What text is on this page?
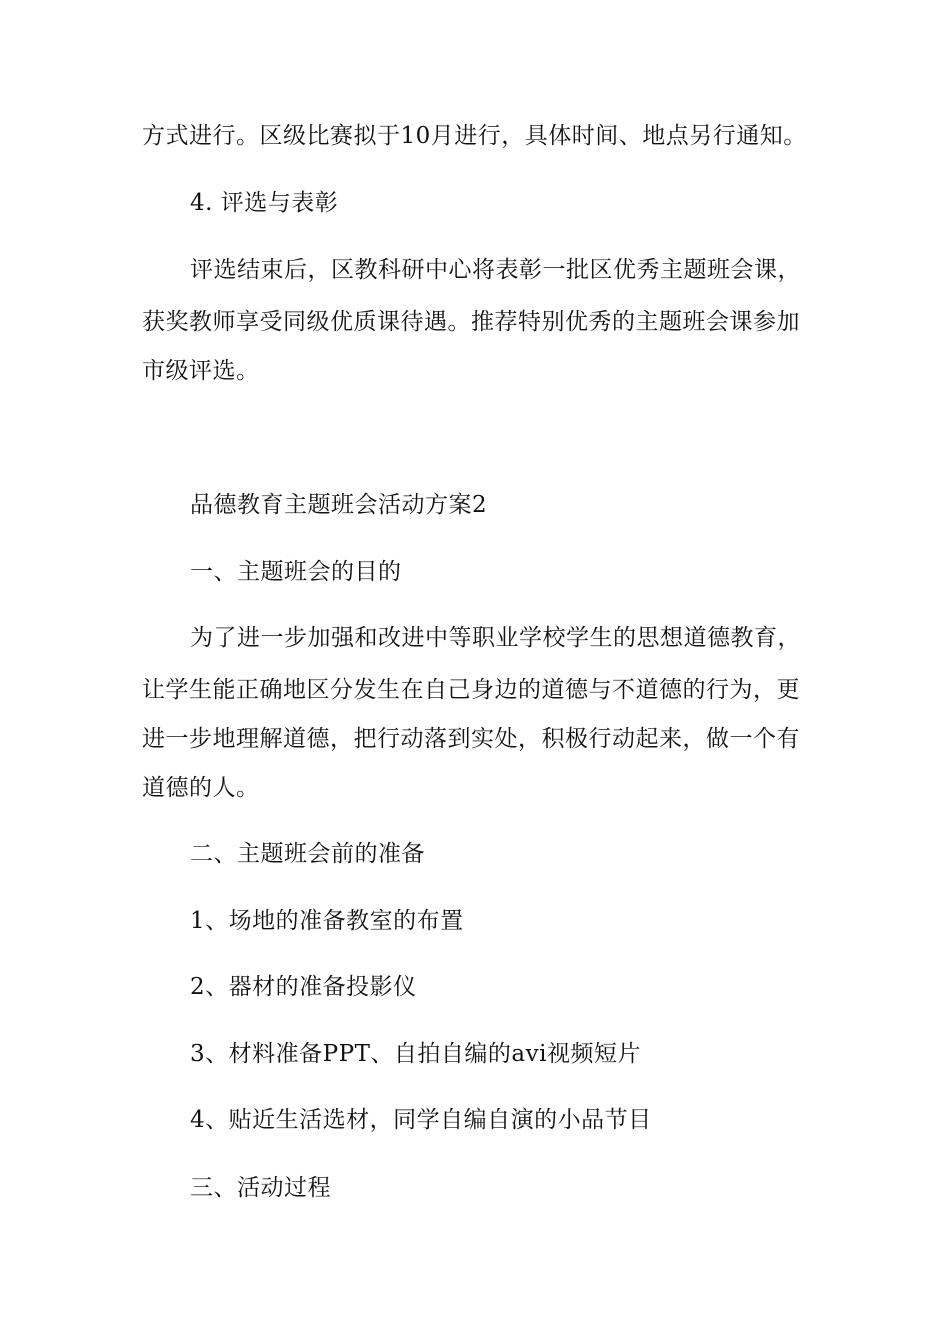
方式进行。区级比赛拟于10月进行，具体时间、地点另行通知。
4. 评选与表彰
评选结束后，区教科研中心将表彰一批区优秀主题班会课，
获奖教师享受同级优质课待遇。推荐特别优秀的主题班会课参加
市级评选。
品德教育主题班会活动方案2
一、主题班会的目的
为了进一步加强和改进中等职业学校学生的思想道德教育，
让学生能正确地区分发生在自己身边的道德与不道德的行为，更
进一步地理解道德，把行动落到实处，积极行动起来，做一个有
道德的人。
二、主题班会前的准备
1、场地的准备教室的布置
2、器材的准备投影仪
3、材料准备PPT、自拍自编的avi视频短片
4、贴近生活选材，同学自编自演的小品节目
三、活动过程
